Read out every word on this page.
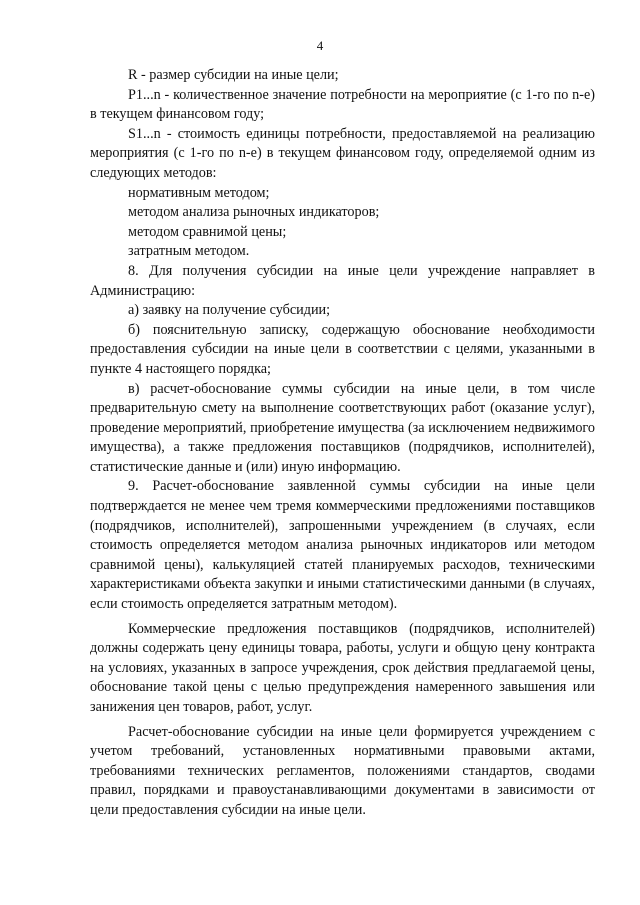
4

R - размер субсидии на иные цели;

P1...n - количественное значение потребности на мероприятие (с 1-го по n-е) в текущем финансовом году;

S1...n - стоимость единицы потребности, предоставляемой на реализацию мероприятия (с 1-го по n-е) в текущем финансовом году, определяемой одним из следующих методов:

нормативным методом;

методом анализа рыночных индикаторов;

методом сравнимой цены;

затратным методом.

8. Для получения субсидии на иные цели учреждение направляет в Администрацию:

а) заявку на получение субсидии;

б) пояснительную записку, содержащую обоснование необходимости предоставления субсидии на иные цели в соответствии с целями, указанными в пункте 4 настоящего порядка;

в) расчет-обоснование суммы субсидии на иные цели, в том числе предварительную смету на выполнение соответствующих работ (оказание услуг), проведение мероприятий, приобретение имущества (за исключением недвижимого имущества), а также предложения поставщиков (подрядчиков, исполнителей), статистические данные и (или) иную информацию.

9. Расчет-обоснование заявленной суммы субсидии на иные цели подтверждается не менее чем тремя коммерческими предложениями поставщиков (подрядчиков, исполнителей), запрошенными учреждением (в случаях, если стоимость определяется методом анализа рыночных индикаторов или методом сравнимой цены), калькуляцией статей планируемых расходов, техническими характеристиками объекта закупки и иными статистическими данными (в случаях, если стоимость определяется затратным методом).

Коммерческие предложения поставщиков (подрядчиков, исполнителей) должны содержать цену единицы товара, работы, услуги и общую цену контракта на условиях, указанных в запросе учреждения, срок действия предлагаемой цены, обоснование такой цены с целью предупреждения намеренного завышения или занижения цен товаров, работ, услуг.

Расчет-обоснование субсидии на иные цели формируется учреждением с учетом требований, установленных нормативными правовыми актами, требованиями технических регламентов, положениями стандартов, сводами правил, порядками и правоустанавливающими документами в зависимости от цели предоставления субсидии на иные цели.
